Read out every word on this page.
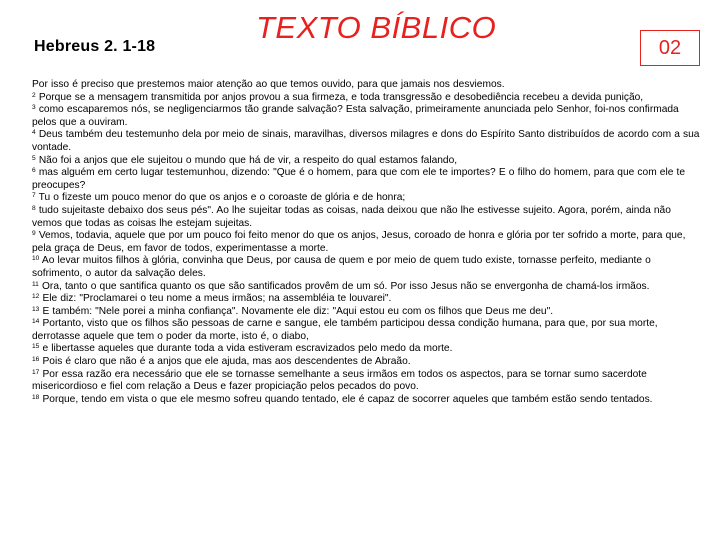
Hebreus 2. 1-18
TEXTO BÍBLICO
02

Por isso é preciso que prestemos maior atenção ao que temos ouvido, para que jamais nos desviemos.

$^2$ Porque se a mensagem transmitida por anjos provou a sua firmeza, e toda transgressão e desobediência recebeu a devida punição,

$^3$ como escaparemos nós, se negligenciarmos tão grande salvação? Esta salvação, primeiramente anunciada pelo Senhor, foi-nos confirmada pelos que a ouviram.

$^4$ Deus também deu testemunho dela por meio de sinais, maravilhas, diversos milagres e dons do Espírito Santo distribuídos de acordo com a sua vontade.

$^5$ Não foi a anjos que ele sujeitou o mundo que há de vir, a respeito do qual estamos falando,

$^6$ mas alguém em certo lugar testemunhou, dizendo: "Que é o homem, para que com ele te importes? E o filho do homem, para que com ele te preocupes?

$^7$ Tu o fizeste um pouco menor do que os anjos e o coroaste de glória e de honra;

$^8$ tudo sujeitaste debaixo dos seus pés". Ao lhe sujeitar todas as coisas, nada deixou que não lhe estivesse sujeito. Agora, porém, ainda não vemos que todas as coisas lhe estejam sujeitas.

$^9$ Vemos, todavia, aquele que por um pouco foi feito menor do que os anjos, Jesus, coroado de honra e glória por ter sofrido a morte, para que, pela graça de Deus, em favor de todos, experimentasse a morte.

$^{10}$ Ao levar muitos filhos à glória, convinha que Deus, por causa de quem e por meio de quem tudo existe, tornasse perfeito, mediante o sofrimento, o autor da salvação deles.

$^{11}$ Ora, tanto o que santifica quanto os que são santificados provêm de um só. Por isso Jesus não se envergonha de chamá-los irmãos.

$^{12}$ Ele diz: "Proclamarei o teu nome a meus irmãos; na assembléia te louvarei".

$^{13}$ E também: "Nele porei a minha confiança". Novamente ele diz: "Aqui estou eu com os filhos que Deus me deu".

$^{14}$ Portanto, visto que os filhos são pessoas de carne e sangue, ele também participou dessa condição humana, para que, por sua morte, derrotasse aquele que tem o poder da morte, isto é, o diabo,

$^{15}$ e libertasse aqueles que durante toda a vida estiveram escravizados pelo medo da morte.

$^{16}$ Pois é claro que não é a anjos que ele ajuda, mas aos descendentes de Abraão.

$^{17}$ Por essa razão era necessário que ele se tornasse semelhante a seus irmãos em todos os aspectos, para se tornar sumo sacerdote misericordioso e fiel com relação a Deus e fazer propiciação pelos pecados do povo.

$^{18}$ Porque, tendo em vista o que ele mesmo sofreu quando tentado, ele é capaz de socorrer aqueles que também estão sendo tentados.
